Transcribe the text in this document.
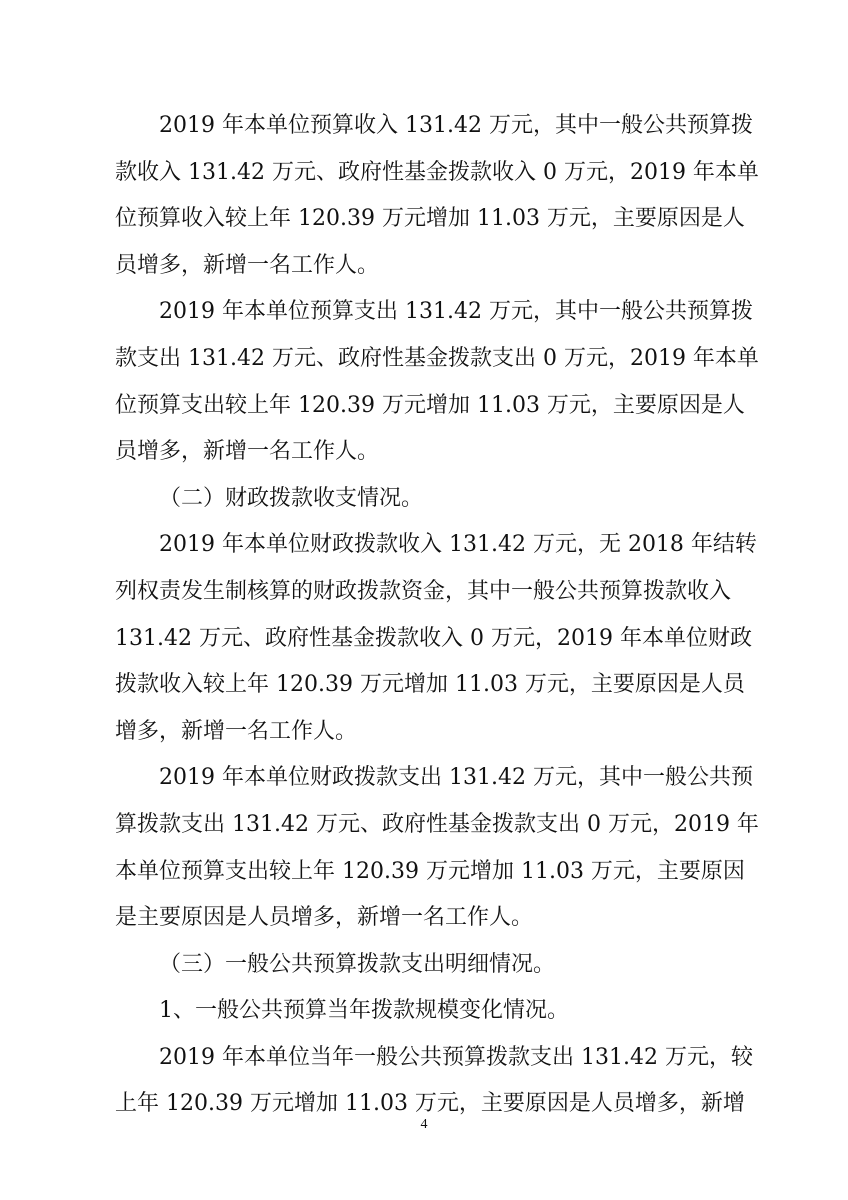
2019 年本单位预算收入 131.42 万元，其中一般公共预算拨
款收入 131.42 万元、政府性基金拨款收入 0 万元，2019 年本单
位预算收入较上年 120.39 万元增加 11.03 万元，主要原因是人
员增多，新增一名工作人。
2019 年本单位预算支出 131.42 万元，其中一般公共预算拨
款支出 131.42 万元、政府性基金拨款支出 0 万元，2019 年本单
位预算支出较上年 120.39 万元增加 11.03 万元，主要原因是人
员增多，新增一名工作人。
（二）财政拨款收支情况。
2019 年本单位财政拨款收入 131.42 万元，无 2018 年结转
列权责发生制核算的财政拨款资金，其中一般公共预算拨款收入
131.42 万元、政府性基金拨款收入 0 万元，2019 年本单位财政
拨款收入较上年 120.39 万元增加 11.03 万元，主要原因是人员
增多，新增一名工作人。
2019 年本单位财政拨款支出 131.42 万元，其中一般公共预
算拨款支出 131.42 万元、政府性基金拨款支出 0 万元，2019 年
本单位预算支出较上年 120.39 万元增加 11.03 万元，主要原因
是主要原因是人员增多，新增一名工作人。
（三）一般公共预算拨款支出明细情况。
1、一般公共预算当年拨款规模变化情况。
2019 年本单位当年一般公共预算拨款支出 131.42 万元，较
上年 120.39 万元增加 11.03 万元，主要原因是人员增多，新增
4
